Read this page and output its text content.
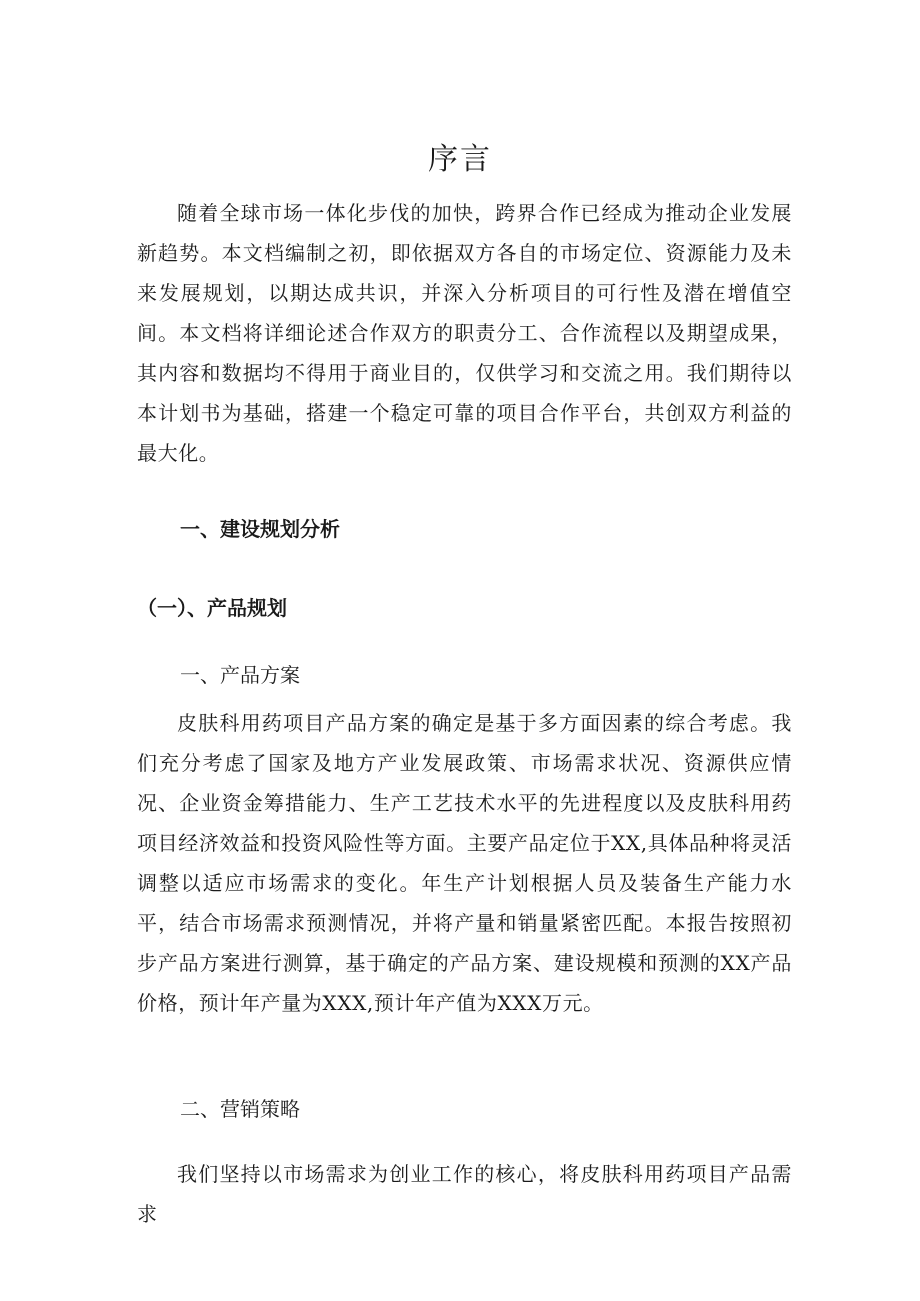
序言

随着全球市场一体化步伐的加快，跨界合作已经成为推动企业发展新趋势。本文档编制之初，即依据双方各自的市场定位、资源能力及未来发展规划，以期达成共识，并深入分析项目的可行性及潜在增值空间。本文档将详细论述合作双方的职责分工、合作流程以及期望成果，其内容和数据均不得用于商业目的，仅供学习和交流之用。我们期待以本计划书为基础，搭建一个稳定可靠的项目合作平台，共创双方利益的最大化。

一、建设规划分析
（一）、产品规划
一、产品方案

皮肤科用药项目产品方案的确定是基于多方面因素的综合考虑。我们充分考虑了国家及地方产业发展政策、市场需求状况、资源供应情况、企业资金筹措能力、生产工艺技术水平的先进程度以及皮肤科用药项目经济效益和投资风险性等方面。主要产品定位于XX,具体品种将灵活调整以适应市场需求的变化。年生产计划根据人员及装备生产能力水平，结合市场需求预测情况，并将产量和销量紧密匹配。本报告按照初步产品方案进行测算，基于确定的产品方案、建设规模和预测的XX产品价格，预计年产量为XXX,预计年产值为XXX万元。

二、营销策略

我们坚持以市场需求为创业工作的核心，将皮肤科用药项目产品需求
